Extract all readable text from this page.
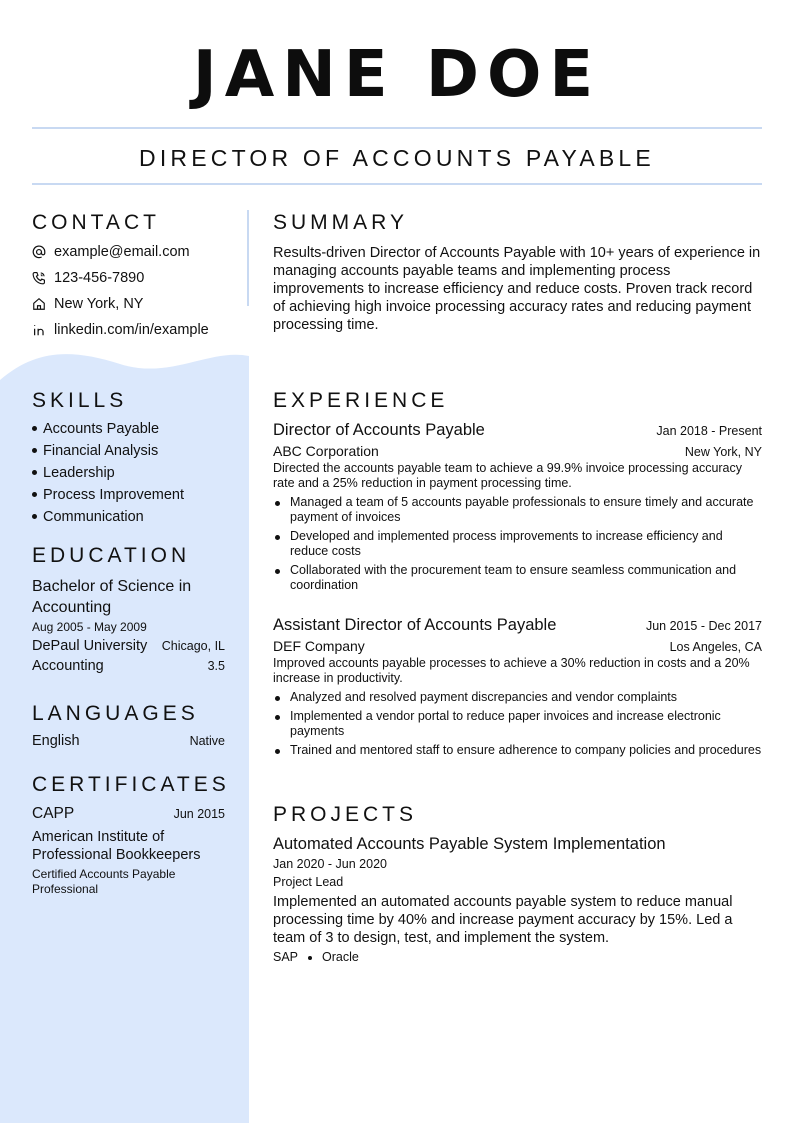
JANE DOE
DIRECTOR OF ACCOUNTS PAYABLE
CONTACT
example@email.com
123-456-7890
New York, NY
linkedin.com/in/example
SKILLS
Accounts Payable
Financial Analysis
Leadership
Process Improvement
Communication
EDUCATION
Bachelor of Science in Accounting
Aug 2005 - May 2009
DePaul University Chicago, IL
Accounting	3.5
LANGUAGES
English	Native
CERTIFICATES
CAPP	Jun 2015
American Institute of Professional Bookkeepers
Certified Accounts Payable Professional
SUMMARY
Results-driven Director of Accounts Payable with 10+ years of experience in managing accounts payable teams and implementing process improvements to increase efficiency and reduce costs. Proven track record of achieving high invoice processing accuracy rates and reducing payment processing time.
EXPERIENCE
Director of Accounts Payable	Jan 2018 - Present
ABC Corporation	New York, NY
Directed the accounts payable team to achieve a 99.9% invoice processing accuracy rate and a 25% reduction in payment processing time.
Managed a team of 5 accounts payable professionals to ensure timely and accurate payment of invoices
Developed and implemented process improvements to increase efficiency and reduce costs
Collaborated with the procurement team to ensure seamless communication and coordination
Assistant Director of Accounts Payable	Jun 2015 - Dec 2017
DEF Company	Los Angeles, CA
Improved accounts payable processes to achieve a 30% reduction in costs and a 20% increase in productivity.
Analyzed and resolved payment discrepancies and vendor complaints
Implemented a vendor portal to reduce paper invoices and increase electronic payments
Trained and mentored staff to ensure adherence to company policies and procedures
PROJECTS
Automated Accounts Payable System Implementation
Jan 2020 - Jun 2020
Project Lead
Implemented an automated accounts payable system to reduce manual processing time by 40% and increase payment accuracy by 15%. Led a team of 3 to design, test, and implement the system.
SAP Oracle
